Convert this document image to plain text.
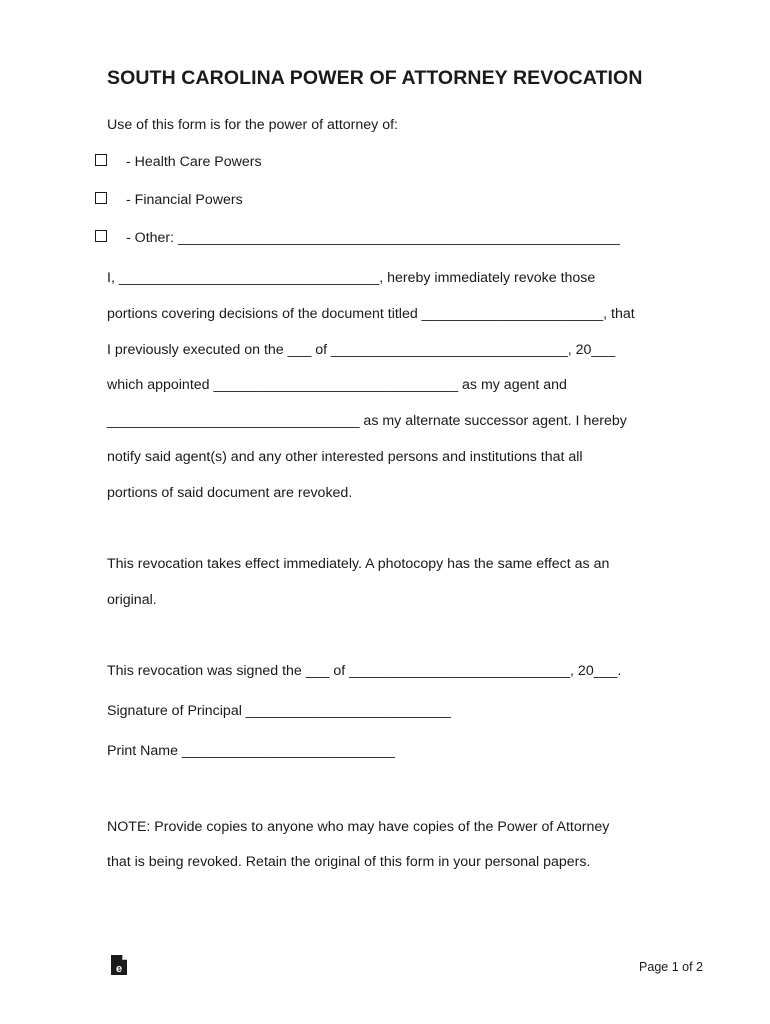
SOUTH CAROLINA POWER OF ATTORNEY REVOCATION
Use of this form is for the power of attorney of:
- Health Care Powers
- Financial Powers
- Other: ________________________________________________________
I, _________________________________, hereby immediately revoke those
portions covering decisions of the document titled _______________________, that
I previously executed on the ___ of ______________________________, 20___
which appointed _______________________________ as my agent and
________________________________ as my alternate successor agent. I hereby
notify said agent(s) and any other interested persons and institutions that all
portions of said document are revoked.
This revocation takes effect immediately. A photocopy has the same effect as an
original.
This revocation was signed the ___ of ____________________________, 20___.
Signature of Principal __________________________
Print Name ___________________________
NOTE: Provide copies to anyone who may have copies of the Power of Attorney
that is being revoked. Retain the original of this form in your personal papers.
e	Page 1 of 2
